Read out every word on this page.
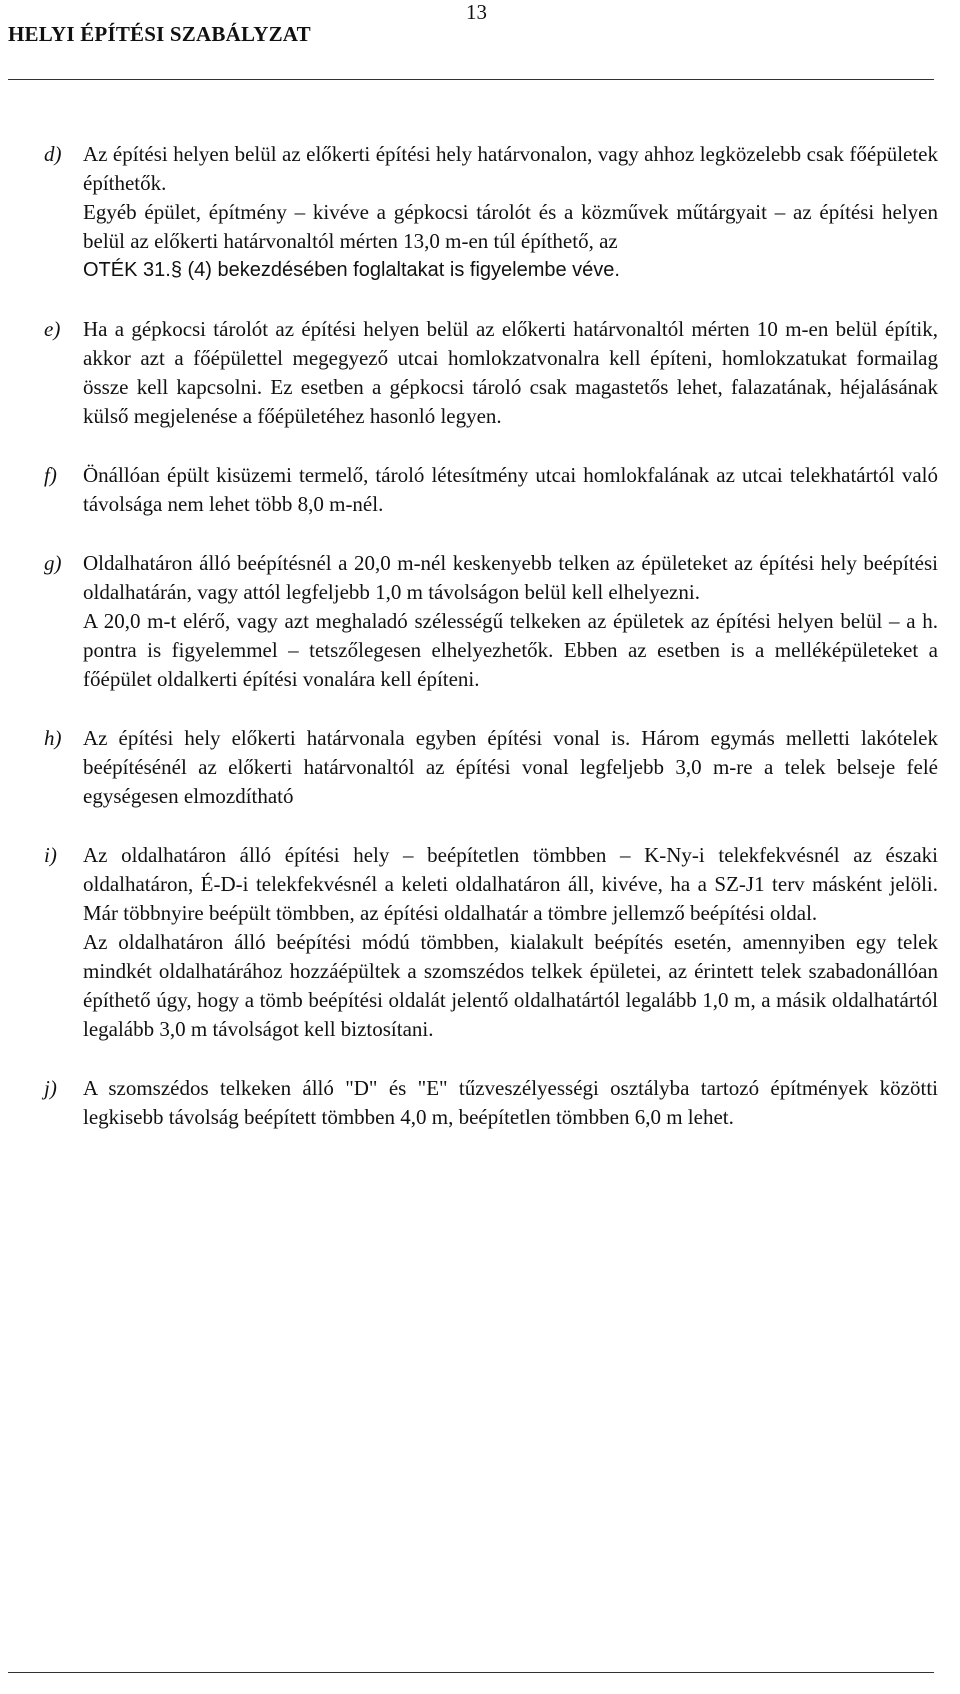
HELYI ÉPÍTÉSI SZABÁLYZAT
13
d) Az építési helyen belül az előkerti építési hely határvonalon, vagy ahhoz legközelebb csak főépületek építhetők.

Egyéb épület, építmény – kivéve a gépkocsi tárolót és a közművek műtárgyait – az építési helyen belül az előkerti határvonaltól mérten 13,0 m-en túl építhető, az

OTÉK 31.§ (4) bekezdésében foglaltakat is figyelembe véve.

e) Ha a gépkocsi tárolót az építési helyen belül az előkerti határvonaltól mérten 10 m-en belül építik, akkor azt a főépülettel megegyező utcai homlokzatvonalra kell építeni, homlokzatukat formailag össze kell kapcsolni. Ez esetben a gépkocsi tároló csak magastetős lehet, falazatának, héjalásának külső megjelenése a főépületéhez hasonló legyen.

f) Önállóan épült kisüzemi termelő, tároló létesítmény utcai homlokfalának az utcai telekhatártól való távolsága nem lehet több 8,0 m-nél.

g) Oldalhatáron álló beépítésnél a 20,0 m-nél keskenyebb telken az épületeket az építési hely beépítési oldalhatárán, vagy attól legfeljebb 1,0 m távolságon belül kell elhelyezni.

A 20,0 m-t elérő, vagy azt meghaladó szélességű telkeken az épületek az építési helyen belül – a h. pontra is figyelemmel – tetszőlegesen elhelyezhetők. Ebben az esetben is a melléképületeket a főépület oldalkerti építési vonalára kell építeni.

h) Az építési hely előkerti határvonala egyben építési vonal is. Három egymás melletti lakótelek beépítésénél az előkerti határvonaltól az építési vonal legfeljebb 3,0 m-re a telek belseje felé egységesen elmozdítható

i) Az oldalhatáron álló építési hely – beépítetlen tömbben – K-Ny-i telekfekvésnél az északi oldalhatáron, É-D-i telekfekvésnél a keleti oldalhatáron áll, kivéve, ha a SZ-J1 terv másként jelöli. Már többnyire beépült tömbben, az építési oldalhatár a tömbre jellemző beépítési oldal.

Az oldalhatáron álló beépítési módú tömbben, kialakult beépítés esetén, amennyiben egy telek mindkét oldalhatárához hozzáépültek a szomszédos telkek épületei, az érintett telek szabadonállóan építhető úgy, hogy a tömb beépítési oldalát jelentő oldalhatártól legalább 1,0 m, a másik oldalhatártól legalább 3,0 m távolságot kell biztosítani.

j) A szomszédos telkeken álló "D" és "E" tűzveszélyességi osztályba tartozó építmények közötti legkisebb távolság beépített tömbben 4,0 m, beépítetlen tömbben 6,0 m lehet.
